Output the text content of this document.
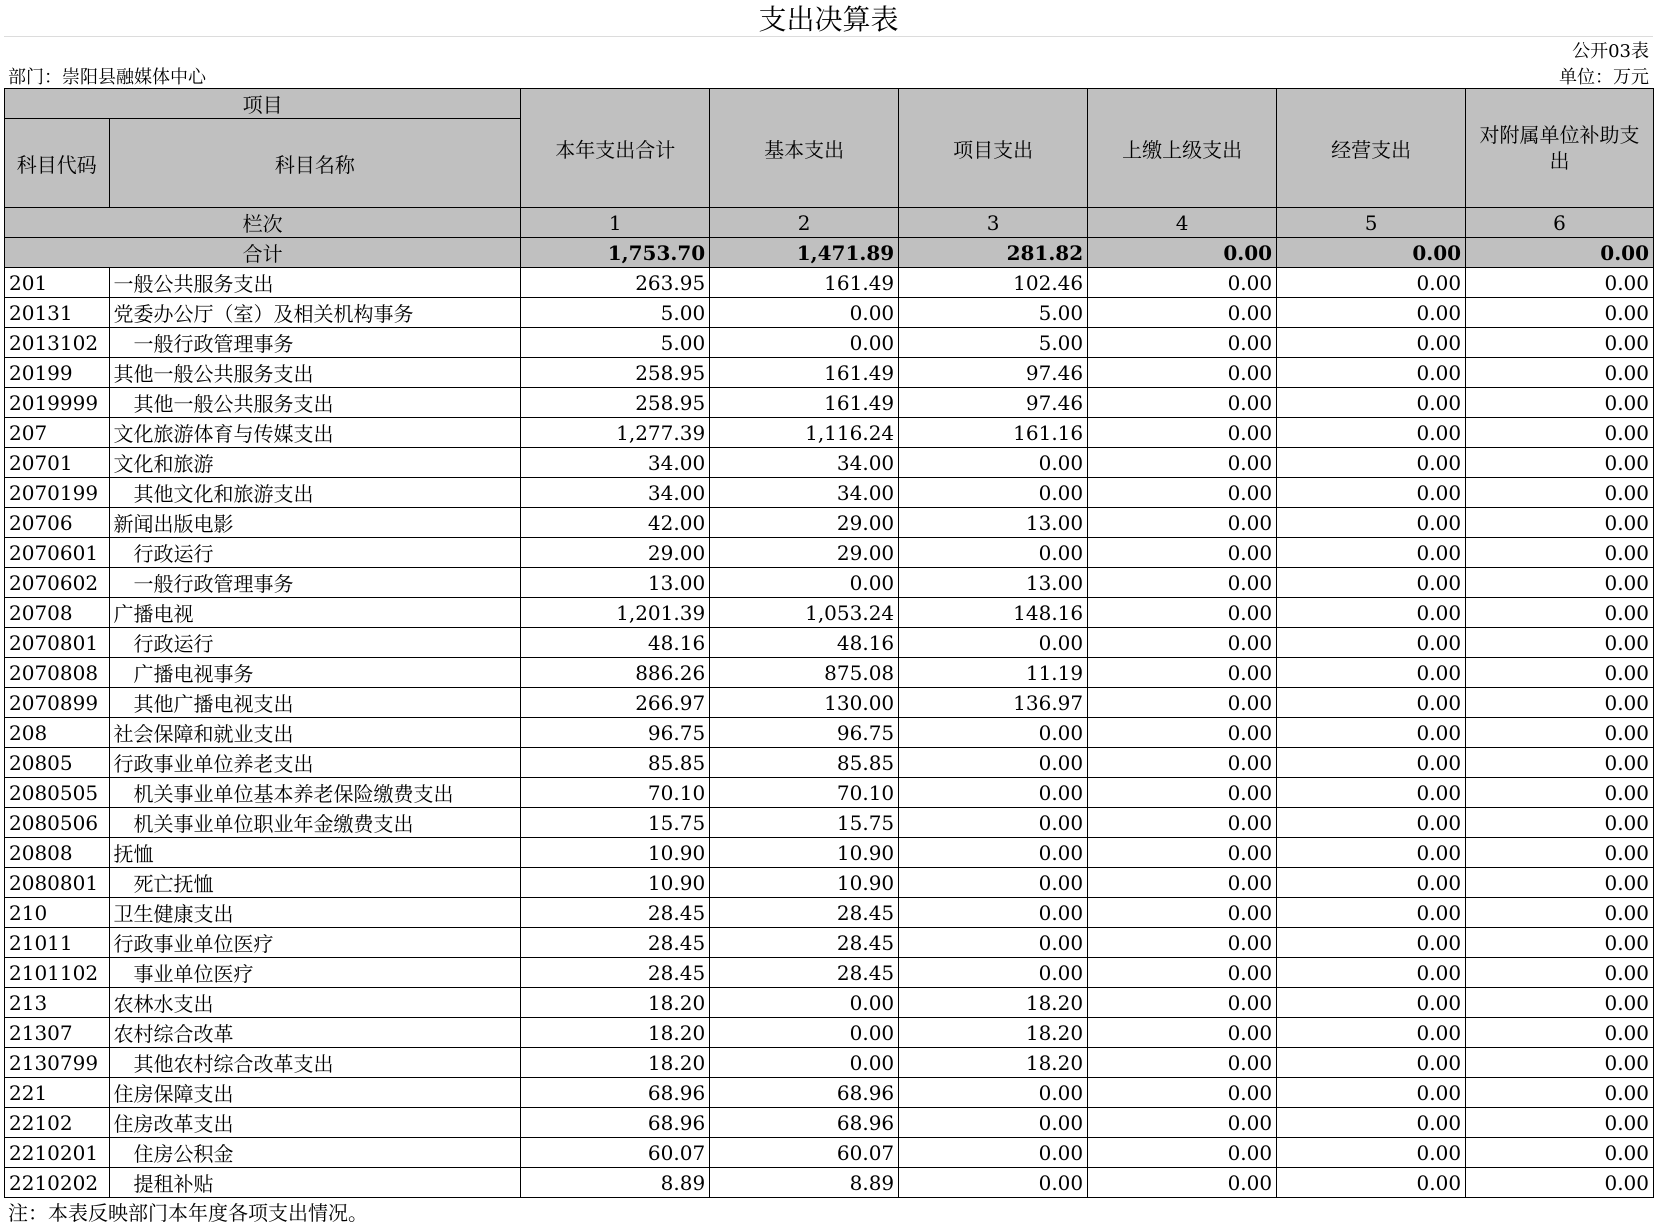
支出决算表
公开03表
部门：崇阳县融媒体中心	单位：万元
项目		本年支出合计	基本支出	项目支出	上缴上级支出	经营支出	对附属单位补助支出
科目代码	科目名称						
栏次		1	2	3	4	5	6
合计		1,753.70	1,471.89	281.82	0.00	0.00	0.00
201	一般公共服务支出	263.95	161.49	102.46	0.00	0.00	0.00
20131	党委办公厅（室）及相关机构事务	5.00	0.00	5.00	0.00	0.00	0.00
2013102	一般行政管理事务	5.00	0.00	5.00	0.00	0.00	0.00
20199	其他一般公共服务支出	258.95	161.49	97.46	0.00	0.00	0.00
2019999	其他一般公共服务支出	258.95	161.49	97.46	0.00	0.00	0.00
207	文化旅游体育与传媒支出	1,277.39	1,116.24	161.16	0.00	0.00	0.00
20701	文化和旅游	34.00	34.00	0.00	0.00	0.00	0.00
2070199	其他文化和旅游支出	34.00	34.00	0.00	0.00	0.00	0.00
20706	新闻出版电影	42.00	29.00	13.00	0.00	0.00	0.00
2070601	行政运行	29.00	29.00	0.00	0.00	0.00	0.00
2070602	一般行政管理事务	13.00	0.00	13.00	0.00	0.00	0.00
20708	广播电视	1,201.39	1,053.24	148.16	0.00	0.00	0.00
2070801	行政运行	48.16	48.16	0.00	0.00	0.00	0.00
2070808	广播电视事务	886.26	875.08	11.19	0.00	0.00	0.00
2070899	其他广播电视支出	266.97	130.00	136.97	0.00	0.00	0.00
208	社会保障和就业支出	96.75	96.75	0.00	0.00	0.00	0.00
20805	行政事业单位养老支出	85.85	85.85	0.00	0.00	0.00	0.00
2080505	机关事业单位基本养老保险缴费支出	70.10	70.10	0.00	0.00	0.00	0.00
2080506	机关事业单位职业年金缴费支出	15.75	15.75	0.00	0.00	0.00	0.00
20808	抚恤	10.90	10.90	0.00	0.00	0.00	0.00
2080801	死亡抚恤	10.90	10.90	0.00	0.00	0.00	0.00
210	卫生健康支出	28.45	28.45	0.00	0.00	0.00	0.00
21011	行政事业单位医疗	28.45	28.45	0.00	0.00	0.00	0.00
2101102	事业单位医疗	28.45	28.45	0.00	0.00	0.00	0.00
213	农林水支出	18.20	0.00	18.20	0.00	0.00	0.00
21307	农村综合改革	18.20	0.00	18.20	0.00	0.00	0.00
2130799	其他农村综合改革支出	18.20	0.00	18.20	0.00	0.00	0.00
221	住房保障支出	68.96	68.96	0.00	0.00	0.00	0.00
22102	住房改革支出	68.96	68.96	0.00	0.00	0.00	0.00
2210201	住房公积金	60.07	60.07	0.00	0.00	0.00	0.00
2210202	提租补贴	8.89	8.89	0.00	0.00	0.00	0.00
注：本表反映部门本年度各项支出情况。
